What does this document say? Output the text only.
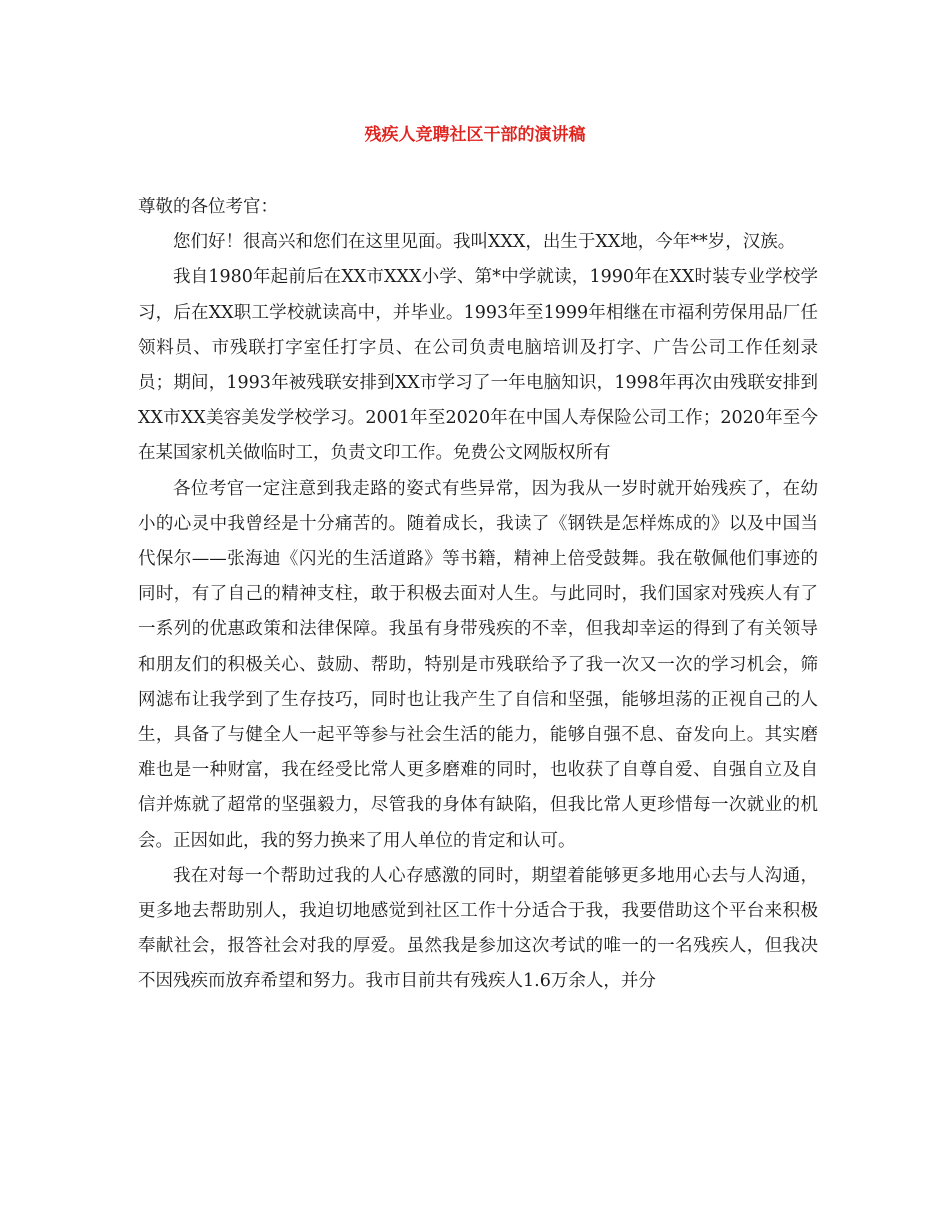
残疾人竞聘社区干部的演讲稿

尊敬的各位考官：

您们好！很高兴和您们在这里见面。我叫XXX，出生于XX地，今年**岁，汉族。

我自1980年起前后在XX市XXX小学、第*中学就读，1990年在XX时装专业学校学习，后在XX职工学校就读高中，并毕业。1993年至1999年相继在市福利劳保用品厂任领料员、市残联打字室任打字员、在公司负责电脑培训及打字、广告公司工作任刻录员；期间，1993年被残联安排到XX市学习了一年电脑知识，1998年再次由残联安排到XX市XX美容美发学校学习。2001年至2020年在中国人寿保险公司工作；2020年至今在某国家机关做临时工，负责文印工作。免费公文网版权所有

各位考官一定注意到我走路的姿式有些异常，因为我从一岁时就开始残疾了，在幼小的心灵中我曾经是十分痛苦的。随着成长，我读了《钢铁是怎样炼成的》以及中国当代保尔——张海迪《闪光的生活道路》等书籍，精神上倍受鼓舞。我在敬佩他们事迹的同时，有了自己的精神支柱，敢于积极去面对人生。与此同时，我们国家对残疾人有了一系列的优惠政策和法律保障。我虽有身带残疾的不幸，但我却幸运的得到了有关领导和朋友们的积极关心、鼓励、帮助，特别是市残联给予了我一次又一次的学习机会，筛网滤布让我学到了生存技巧，同时也让我产生了自信和坚强，能够坦荡的正视自己的人生，具备了与健全人一起平等参与社会生活的能力，能够自强不息、奋发向上。其实磨难也是一种财富，我在经受比常人更多磨难的同时，也收获了自尊自爱、自强自立及自信并炼就了超常的坚强毅力，尽管我的身体有缺陷，但我比常人更珍惜每一次就业的机会。正因如此，我的努力换来了用人单位的肯定和认可。

我在对每一个帮助过我的人心存感激的同时，期望着能够更多地用心去与人沟通，更多地去帮助别人，我迫切地感觉到社区工作十分适合于我，我要借助这个平台来积极奉献社会，报答社会对我的厚爱。虽然我是参加这次考试的唯一的一名残疾人，但我决不因残疾而放弃希望和努力。我市目前共有残疾人1.6万余人，并分
